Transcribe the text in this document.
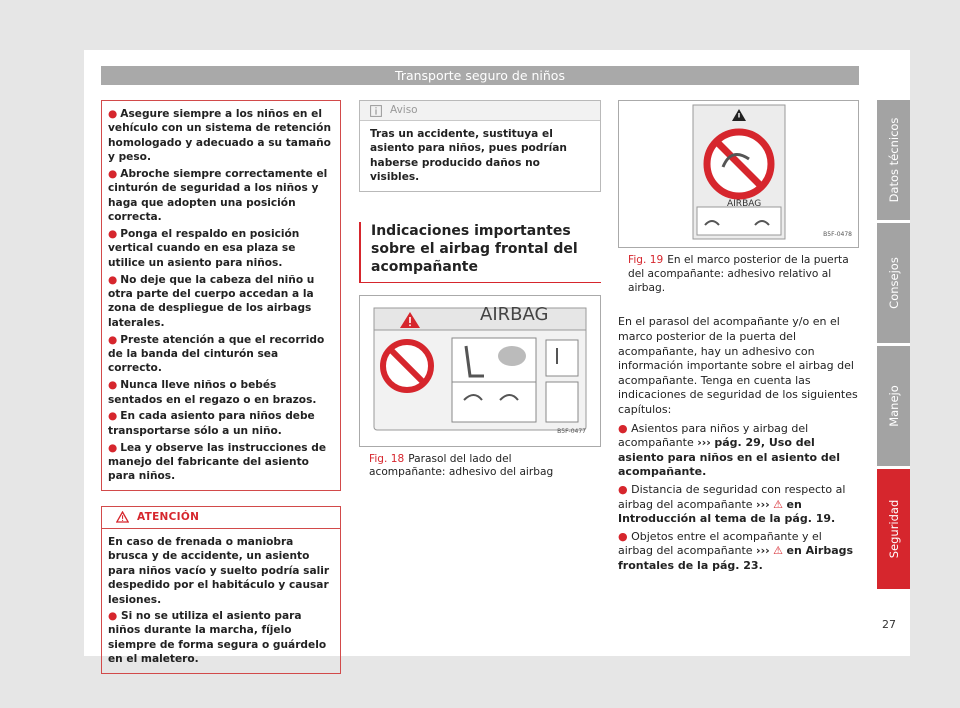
Transporte seguro de niños
● Asegure siempre a los niños en el vehículo con un sistema de retención homologado y adecuado a su tamaño y peso.
● Abroche siempre correctamente el cinturón de seguridad a los niños y haga que adopten una posición correcta.
● Ponga el respaldo en posición vertical cuando en esa plaza se utilice un asiento para niños.
● No deje que la cabeza del niño u otra parte del cuerpo accedan a la zona de despliegue de los airbags laterales.
● Preste atención a que el recorrido de la banda del cinturón sea correcto.
● Nunca lleve niños o bebés sentados en el regazo o en brazos.
● En cada asiento para niños debe transportarse sólo a un niño.
● Lea y observe las instrucciones de manejo del fabricante del asiento para niños.
ATENCIÓN
En caso de frenada o maniobra brusca y de accidente, un asiento para niños vacío y suelto podría salir despedido por el habitáculo y causar lesiones.
● Si no se utiliza el asiento para niños durante la marcha, fíjelo siempre de forma segura o guárdelo en el maletero.
Aviso
Tras un accidente, sustituya el asiento para niños, pues podrían haberse producido daños no visibles.
Indicaciones importantes sobre el airbag frontal del acompañante
AIRBAG
B5F-0477
Fig. 18 Parasol del lado del acompañante: adhesivo del airbag
AIRBAG
B5F-0478
Fig. 19 En el marco posterior de la puerta del acompañante: adhesivo relativo al airbag.
En el parasol del acompañante y/o en el marco posterior de la puerta del acompañante, hay un adhesivo con información importante sobre el airbag del acompañante. Tenga en cuenta las indicaciones de seguridad de los siguientes capítulos:
● Asientos para niños y airbag del acompañante ››› pág. 29, Uso del asiento para niños en el asiento del acompañante.
● Distancia de seguridad con respecto al airbag del acompañante ››› ⚠ en Introducción al tema de la pág. 19.
● Objetos entre el acompañante y el airbag del acompañante ››› ⚠ en Airbags frontales de la pág. 23.
Datos técnicos
Consejos
Manejo
Seguridad
27
